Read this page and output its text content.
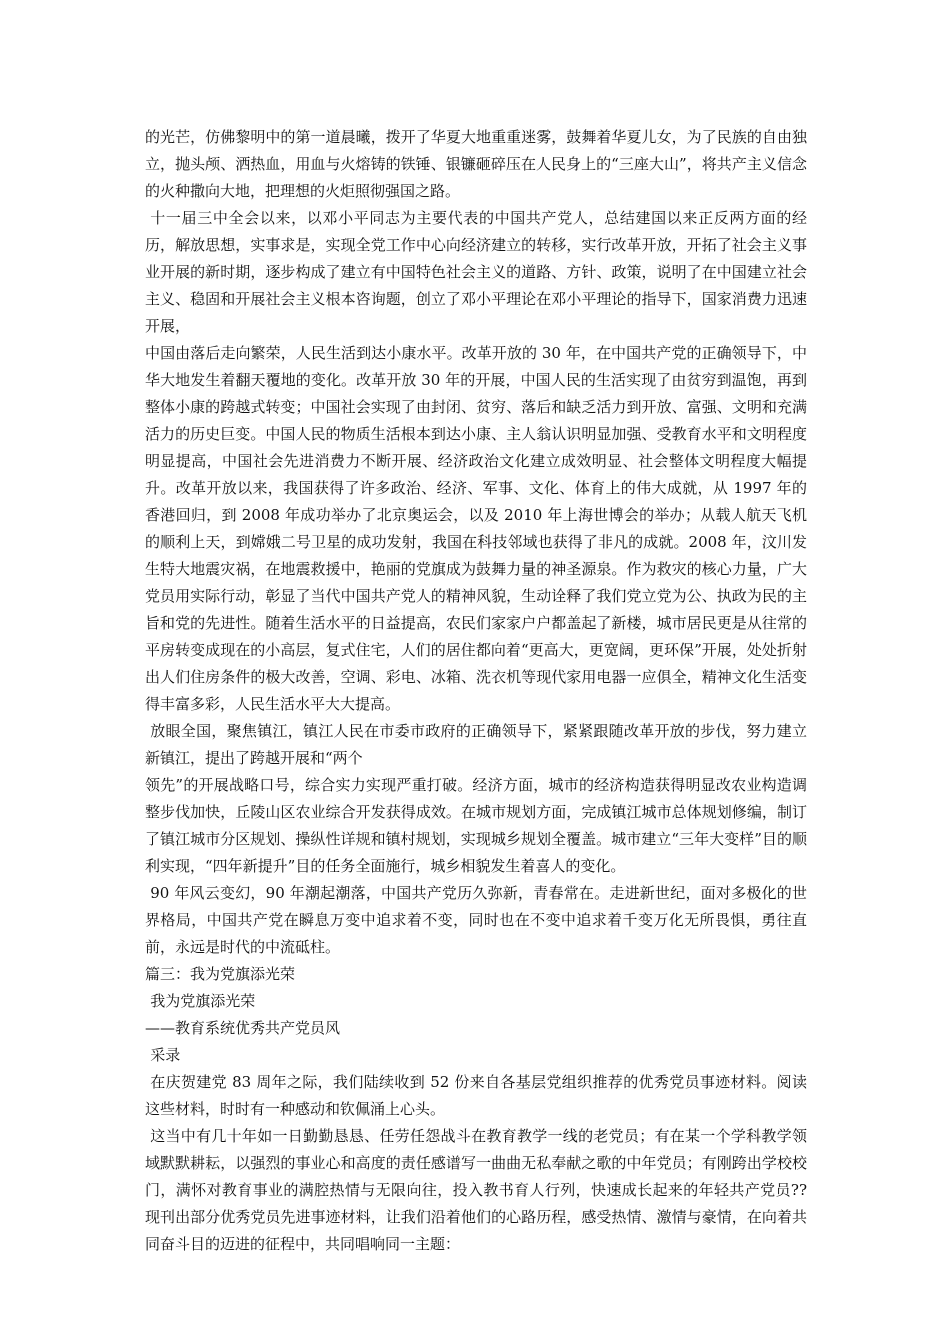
的光芒，仿佛黎明中的第一道晨曦，拨开了华夏大地重重迷雾，鼓舞着华夏儿女，为了民族的自由独立，抛头颅、洒热血，用血与火熔铸的铁锤、银镰砸碎压在人民身上的“三座大山”，将共产主义信念的火种撒向大地，把理想的火炬照彻强国之路。

十一届三中全会以来，以邓小平同志为主要代表的中国共产党人，总结建国以来正反两方面的经历，解放思想，实事求是，实现全党工作中心向经济建立的转移，实行改革开放，开拓了社会主义事业开展的新时期，逐步构成了建立有中国特色社会主义的道路、方针、政策，说明了在中国建立社会主义、稳固和开展社会主义根本咨询题，创立了邓小平理论在邓小平理论的指导下，国家消费力迅速开展，

中国由落后走向繁荣，人民生活到达小康水平。改革开放的 30 年，在中国共产党的正确领导下，中华大地发生着翻天覆地的变化。改革开放 30 年的开展，中国人民的生活实现了由贫穷到温饱，再到整体小康的跨越式转变；中国社会实现了由封闭、贫穷、落后和缺乏活力到开放、富强、文明和充满活力的历史巨变。中国人民的物质生活根本到达小康、主人翁认识明显加强、受教育水平和文明程度明显提高，中国社会先进消费力不断开展、经济政治文化建立成效明显、社会整体文明程度大幅提升。改革开放以来，我国获得了许多政治、经济、军事、文化、体育上的伟大成就，从 1997 年的香港回归，到 2008 年成功举办了北京奥运会，以及 2010 年上海世博会的举办；从载人航天飞机的顺利上天，到嫦娥二号卫星的成功发射，我国在科技邻域也获得了非凡的成就。2008 年，汶川发生特大地震灾祸，在地震救援中，艳丽的党旗成为鼓舞力量的神圣源泉。作为救灾的核心力量，广大党员用实际行动，彰显了当代中国共产党人的精神风貌，生动诠释了我们党立党为公、执政为民的主旨和党的先进性。随着生活水平的日益提高，农民们家家户户都盖起了新楼，城市居民更是从往常的平房转变成现在的小高层，复式住宅，人们的居住都向着“更高大，更宽阔，更环保”开展，处处折射出人们住房条件的极大改善，空调、彩电、冰箱、洗衣机等现代家用电器一应俱全，精神文化生活变得丰富多彩，人民生活水平大大提高。

放眼全国，聚焦镇江，镇江人民在市委市政府的正确领导下，紧紧跟随改革开放的步伐，努力建立新镇江，提出了跨越开展和“两个

领先”的开展战略口号，综合实力实现严重打破。经济方面，城市的经济构造获得明显改农业构造调整步伐加快，丘陵山区农业综合开发获得成效。在城市规划方面，完成镇江城市总体规划修编，制订了镇江城市分区规划、操纵性详规和镇村规划，实现城乡规划全覆盖。城市建立“三年大变样”目的顺利实现，“四年新提升”目的任务全面施行，城乡相貌发生着喜人的变化。

90 年风云变幻，90 年潮起潮落，中国共产党历久弥新，青春常在。走进新世纪，面对多极化的世界格局，中国共产党在瞬息万变中追求着不变，同时也在不变中追求着千变万化无所畏惧，勇往直前，永远是时代的中流砥柱。

篇三：我为党旗添光荣

我为党旗添光荣

——教育系统优秀共产党员风

采录

在庆贺建党 83 周年之际，我们陆续收到 52 份来自各基层党组织推荐的优秀党员事迹材料。阅读这些材料，时时有一种感动和钦佩涌上心头。

这当中有几十年如一日勤勤恳恳、任劳任怨战斗在教育教学一线的老党员；有在某一个学科教学领域默默耕耘，以强烈的事业心和高度的责任感谱写一曲曲无私奉献之歌的中年党员；有刚跨出学校校门，满怀对教育事业的满腔热情与无限向往，投入教书育人行列，快速成长起来的年轻共产党员?? 现刊出部分优秀党员先进事迹材料，让我们沿着他们的心路历程，感受热情、激情与豪情，在向着共同奋斗目的迈进的征程中，共同唱响同一主题：
